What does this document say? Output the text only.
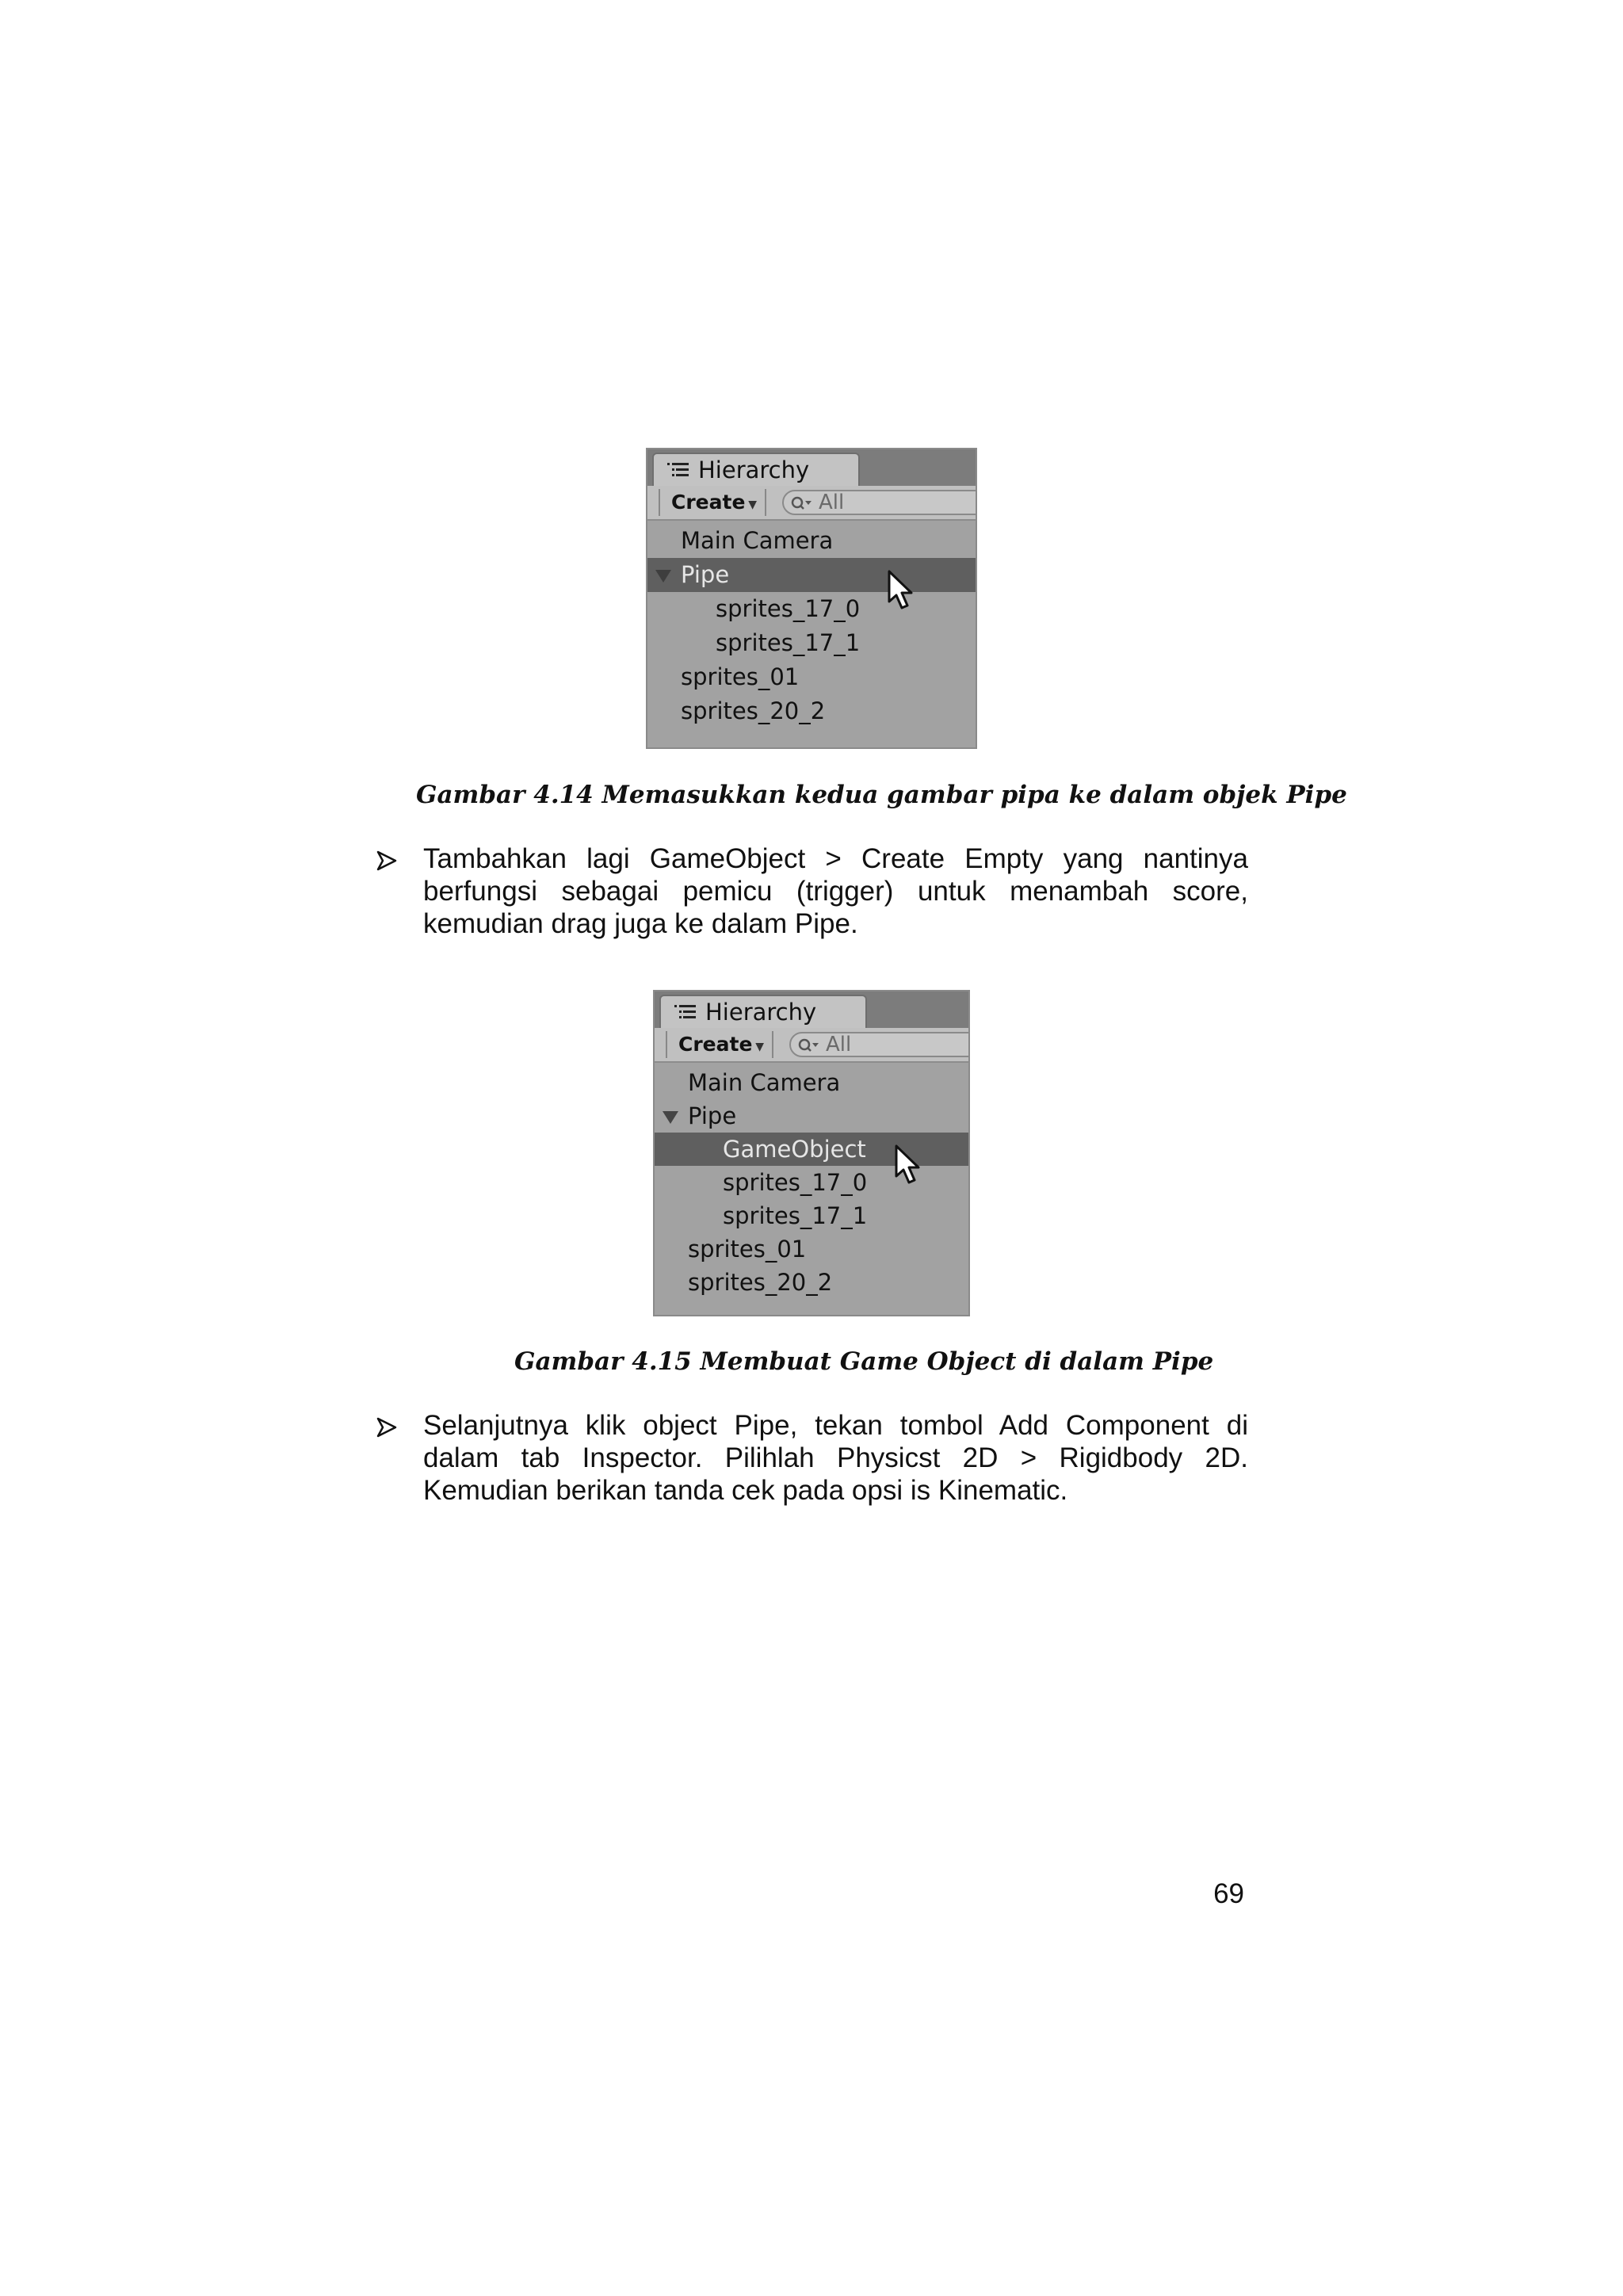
Hierarchy
Create ▼	All
Main Camera
Pipe
sprites_17_0
sprites_17_1
sprites_01
sprites_20_2
Gambar 4.14 Memasukkan kedua gambar pipa ke dalam objek Pipe
Tambahkan lagi GameObject > Create Empty yang nantinya berfungsi sebagai pemicu (trigger) untuk menambah score, kemudian drag juga ke dalam Pipe.
Hierarchy
Create ▼	All
Main Camera
Pipe
GameObject
sprites_17_0
sprites_17_1
sprites_01
sprites_20_2
Gambar 4.15 Membuat Game Object di dalam Pipe
Selanjutnya klik object Pipe, tekan tombol Add Component di dalam tab Inspector. Pilihlah Physicst 2D > Rigidbody 2D. Kemudian berikan tanda cek pada opsi is Kinematic.
69
